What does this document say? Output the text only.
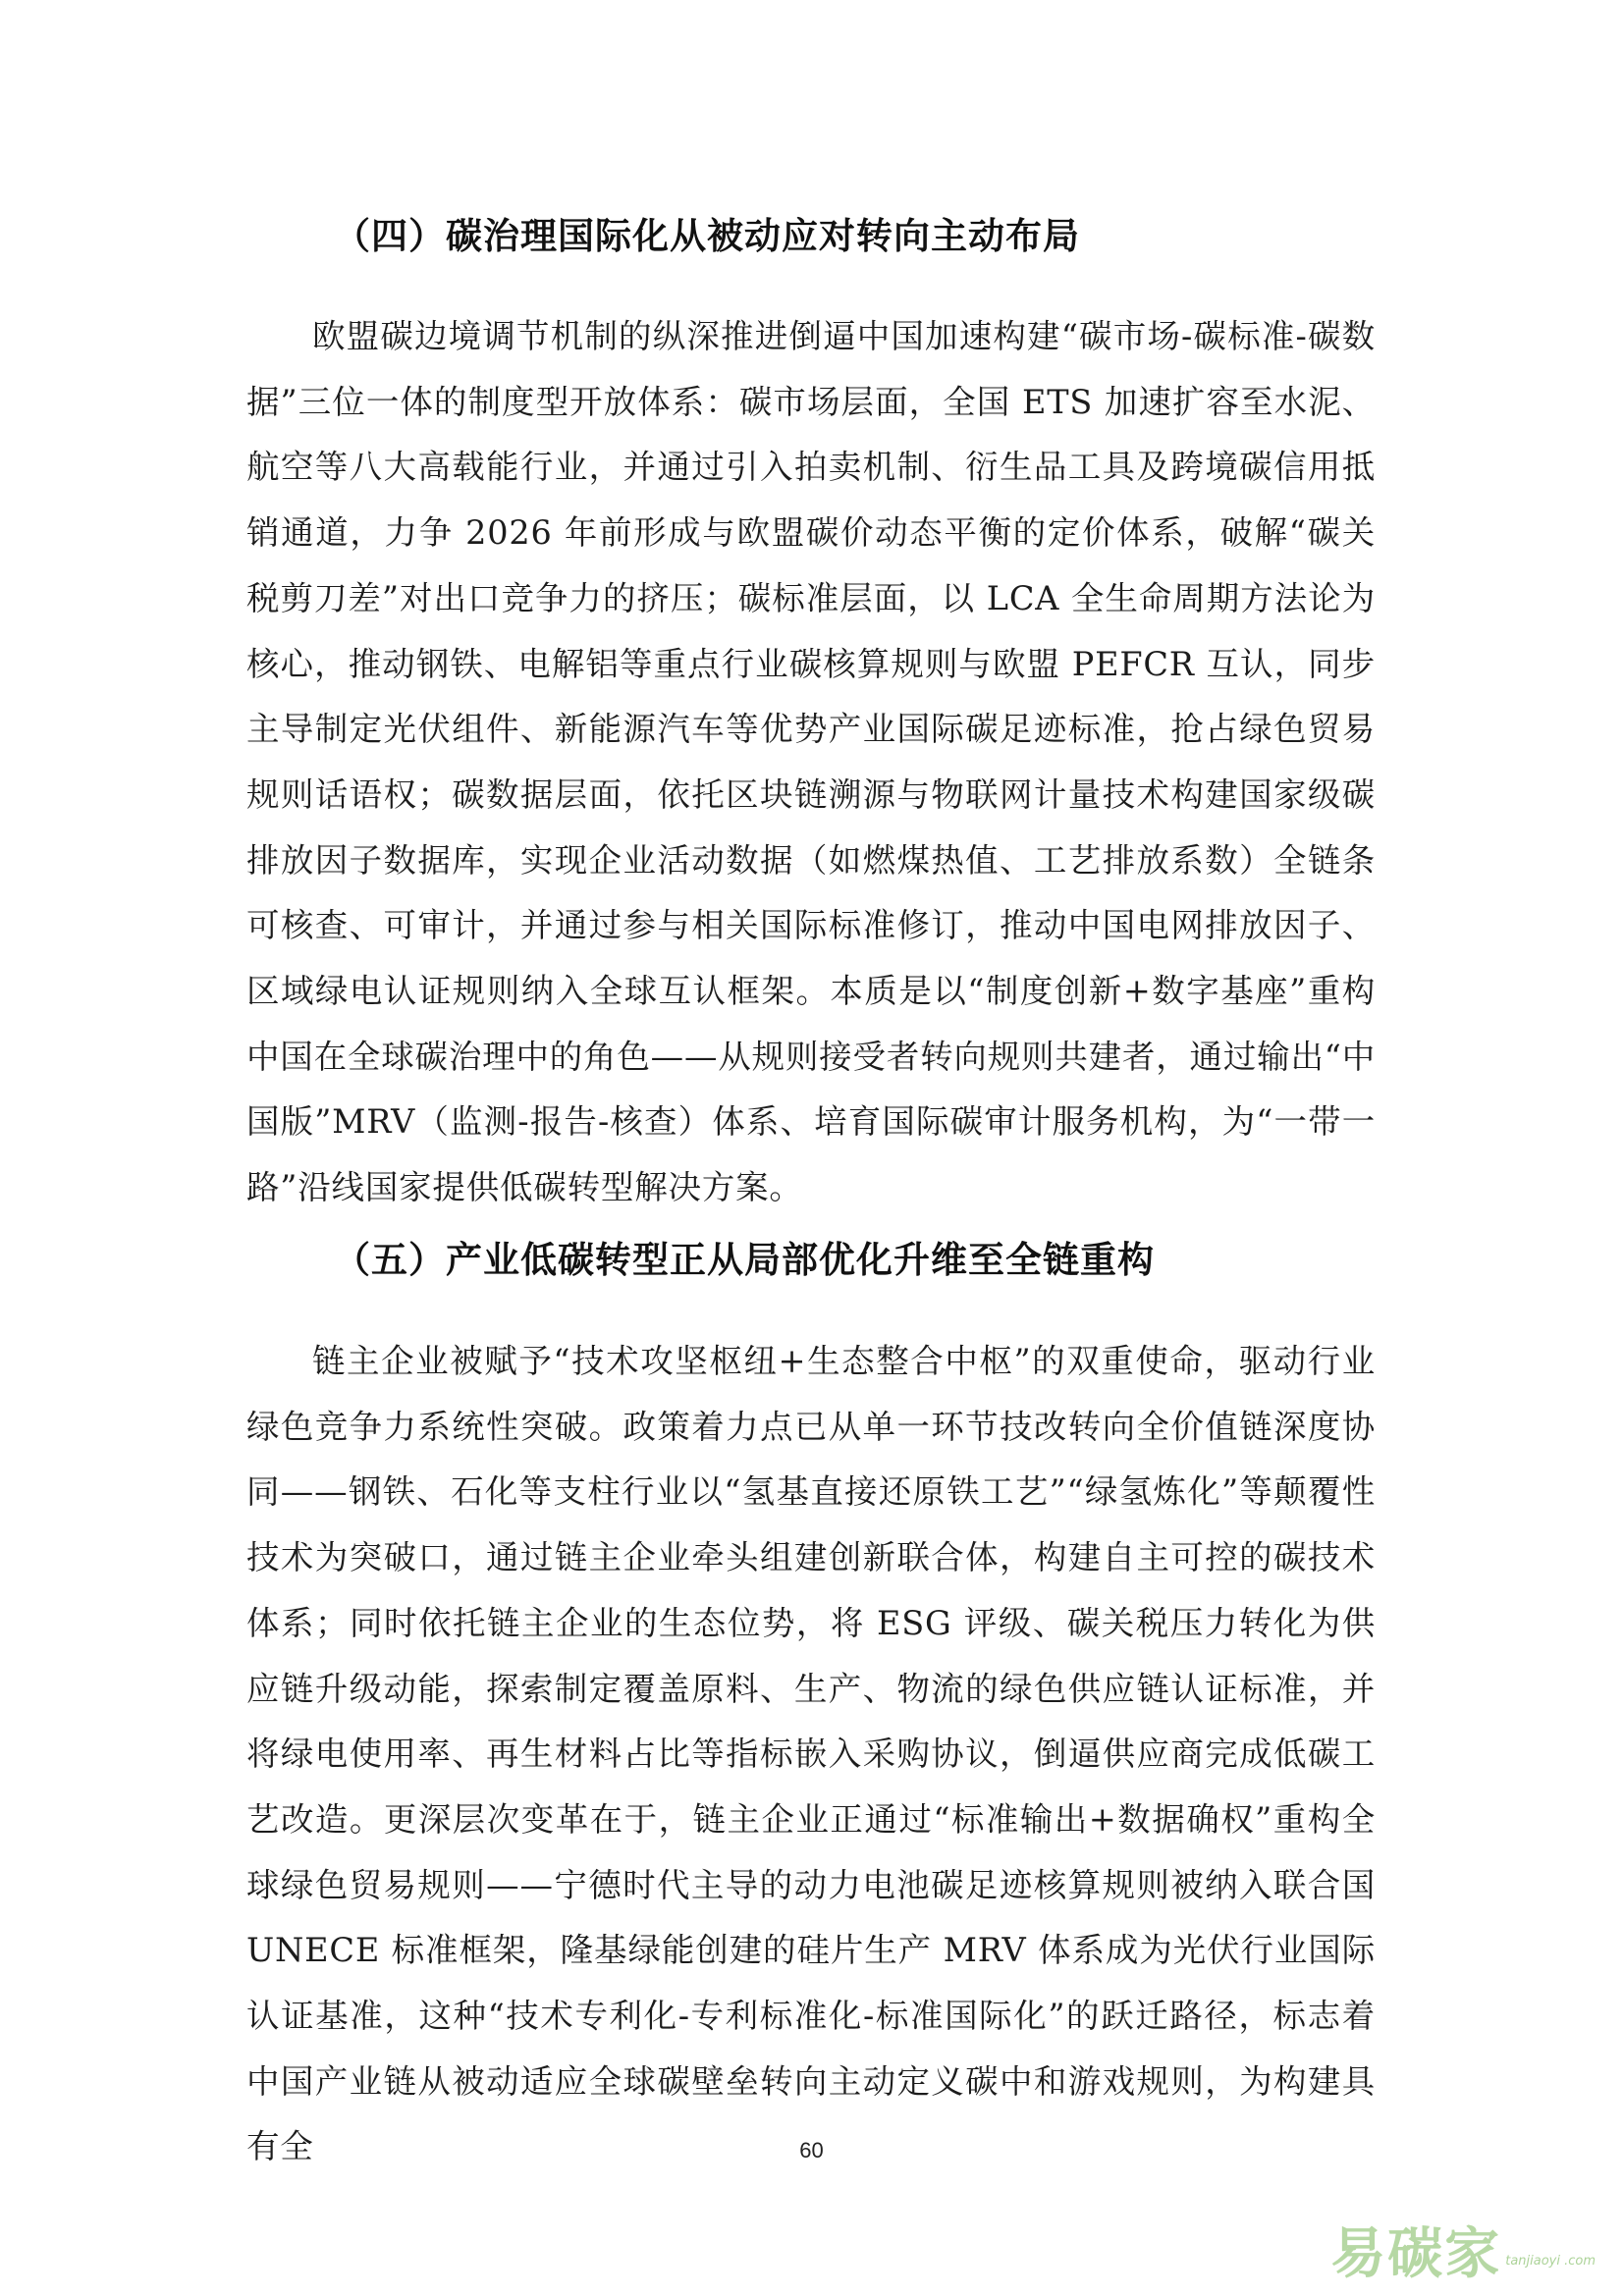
（四）碳治理国际化从被动应对转向主动布局

欧盟碳边境调节机制的纵深推进倒逼中国加速构建“碳市场-碳标准-碳数据”三位一体的制度型开放体系：碳市场层面，全国 ETS 加速扩容至水泥、航空等八大高载能行业，并通过引入拍卖机制、衍生品工具及跨境碳信用抵销通道，力争 2026 年前形成与欧盟碳价动态平衡的定价体系，破解“碳关税剪刀差”对出口竞争力的挤压；碳标准层面，以 LCA 全生命周期方法论为核心，推动钢铁、电解铝等重点行业碳核算规则与欧盟 PEFCR 互认，同步主导制定光伏组件、新能源汽车等优势产业国际碳足迹标准，抢占绿色贸易规则话语权；碳数据层面，依托区块链溯源与物联网计量技术构建国家级碳排放因子数据库，实现企业活动数据（如燃煤热值、工艺排放系数）全链条可核查、可审计，并通过参与相关国际标准修订，推动中国电网排放因子、区域绿电认证规则纳入全球互认框架。本质是以“制度创新+数字基座”重构中国在全球碳治理中的角色——从规则接受者转向规则共建者，通过输出“中国版”MRV（监测-报告-核查）体系、培育国际碳审计服务机构，为“一带一路”沿线国家提供低碳转型解决方案。

（五）产业低碳转型正从局部优化升维至全链重构

链主企业被赋予“技术攻坚枢纽+生态整合中枢”的双重使命，驱动行业绿色竞争力系统性突破。政策着力点已从单一环节技改转向全价值链深度协同——钢铁、石化等支柱行业以“氢基直接还原铁工艺”“绿氢炼化”等颠覆性技术为突破口，通过链主企业牵头组建创新联合体，构建自主可控的碳技术体系；同时依托链主企业的生态位势，将 ESG 评级、碳关税压力转化为供应链升级动能，探索制定覆盖原料、生产、物流的绿色供应链认证标准，并将绿电使用率、再生材料占比等指标嵌入采购协议，倒逼供应商完成低碳工艺改造。更深层次变革在于，链主企业正通过“标准输出+数据确权”重构全球绿色贸易规则——宁德时代主导的动力电池碳足迹核算规则被纳入联合国 UNECE 标准框架，隆基绿能创建的硅片生产 MRV 体系成为光伏行业国际认证基准，这种“技术专利化-专利标准化-标准国际化”的跃迁路径，标志着中国产业链从被动适应全球碳壁垒转向主动定义碳中和游戏规则，为构建具有全	60
易碳家 tanjiaoyi .com
